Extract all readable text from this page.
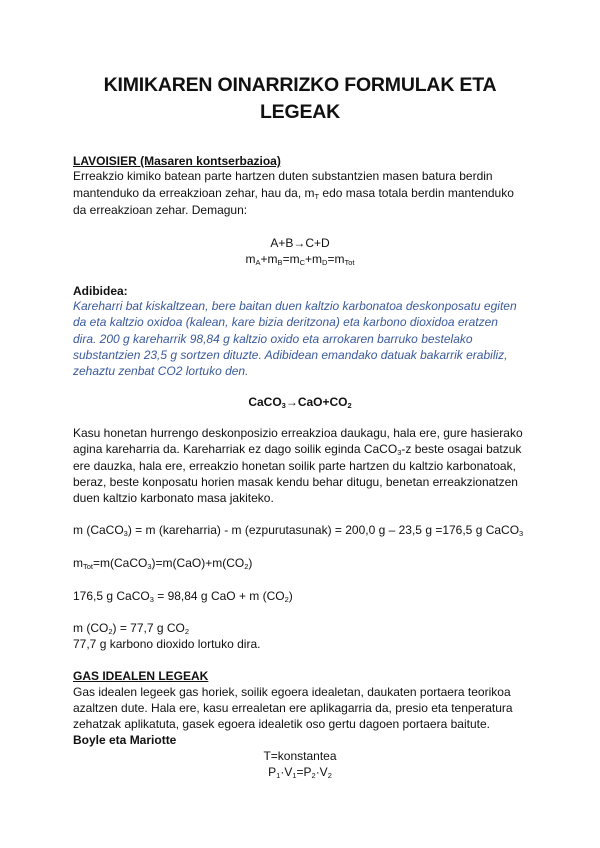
KIMIKAREN OINARRIZKO FORMULAK ETA
LEGEAK
LAVOISIER (Masaren kontserbazioa)
Erreakzio kimiko batean parte hartzen duten substantzien masen batura berdin
mantenduko da erreakzioan zehar, hau da, $m_T$ edo masa totala berdin mantenduko
da erreakzioan zehar. Demagun:
A+B→C+D
$m_A+m_B=m_C+m_D=m_{Tot}$
Adibidea:
Kareharri bat kiskaltzean, bere baitan duen kaltzio karbonatoa deskonposatu egiten
da eta kaltzio oxidoa (kalean, kare bizia deritzona) eta karbono dioxidoa eratzen
dira. 200 g kareharrik 98,84 g kaltzio oxido eta arrokaren barruko bestelako
substantzien 23,5 g sortzen dituzte. Adibidean emandako datuak bakarrik erabiliz,
zehaztu zenbat CO2 lortuko den.
$CaCO_3\to CaO+CO_2$
Kasu honetan hurrengo deskonposizio erreakzioa daukagu, hala ere, gure hasierako
agina kareharria da. Kareharriak ez dago soilik eginda CaCO$_3$-z beste osagai batzuk
ere dauzka, hala ere, erreakzio honetan soilik parte hartzen du kaltzio karbonatoak,
beraz, beste konposatu horien masak kendu behar ditugu, benetan erreakzionatzen
duen kaltzio karbonato masa jakiteko.
m (CaCO$_3$) = m (kareharria) - m (ezpurutasunak) = 200,0 g – 23,5 g =176,5 g CaCO$_3$
$m_{Tot}=m(CaCO_3)=m(CaO)+m(CO_2)$
176,5 g CaCO$_3$ = 98,84 g CaO + m $(CO_2)$
m $(CO_2) = 77,7$ g $CO_2$
77,7 g karbono dioxido lortuko dira.
GAS IDEALEN LEGEAK
Gas idealen legeek gas horiek, soilik egoera idealetan, daukaten portaera teorikoa
azaltzen dute. Hala ere, kasu errealetan ere aplikagarria da, presio eta tenperatura
zehatzak aplikatuta, gasek egoera idealetik oso gertu dagoen portaera baitute.
Boyle eta Mariotte
T=konstantea
$P_1\cdot V_1=P_2\cdot V_2$
